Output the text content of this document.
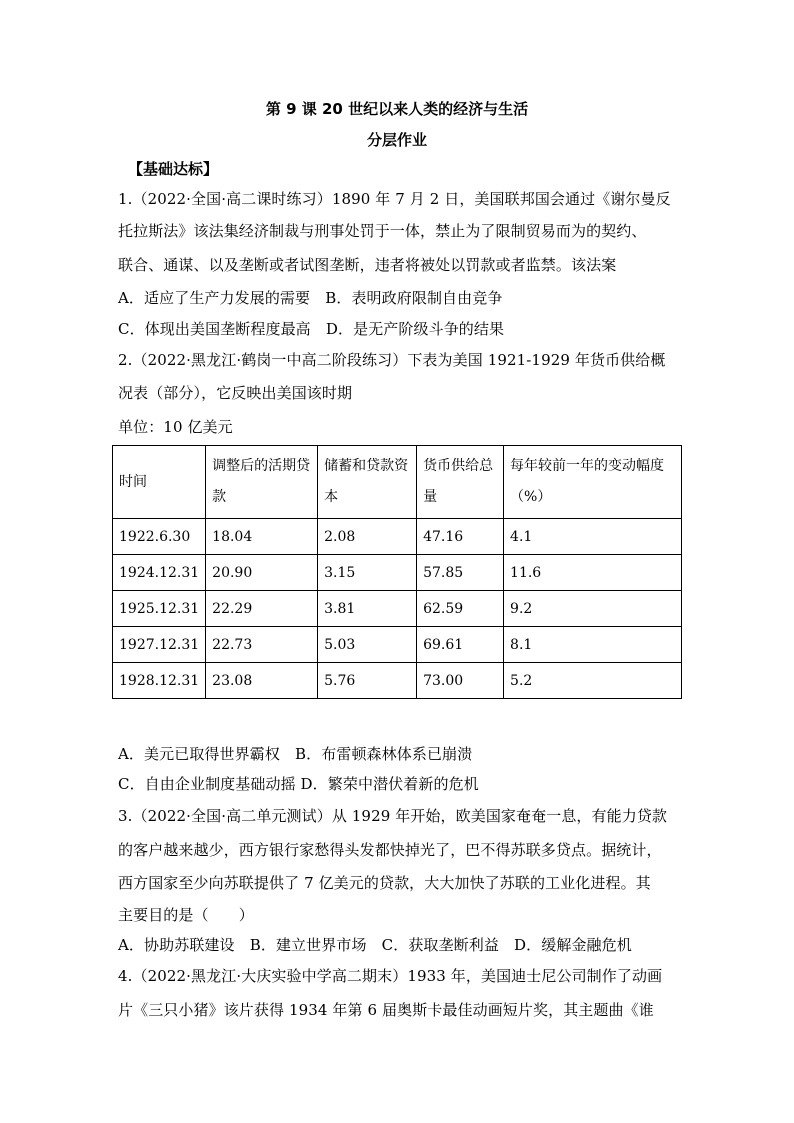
第 9 课 20 世纪以来人类的经济与生活
分层作业
【基础达标】
1.（2022·全国·高二课时练习）1890 年 7 月 2 日，美国联邦国会通过《谢尔曼反
托拉斯法》该法集经济制裁与刑事处罚于一体，禁止为了限制贸易而为的契约、
联合、通谋、以及垄断或者试图垄断，违者将被处以罚款或者监禁。该法案
A．适应了生产力发展的需要　B．表明政府限制自由竞争
C．体现出美国垄断程度最高　D．是无产阶级斗争的结果
2.（2022·黑龙江·鹤岗一中高二阶段练习）下表为美国 1921-1929 年货币供给概
况表（部分），它反映出美国该时期
单位：10 亿美元
时间	调整后的活期贷款	储蓄和贷款资本	货币供给总量	每年较前一年的变动幅度（%）
1922.6.30	18.04	2.08	47.16	4.1
1924.12.31	20.90	3.15	57.85	11.6
1925.12.31	22.29	3.81	62.59	9.2
1927.12.31	22.73	5.03	69.61	8.1
1928.12.31	23.08	5.76	73.00	5.2
A．美元已取得世界霸权　B．布雷顿森林体系已崩溃
C．自由企业制度基础动摇 D．繁荣中潜伏着新的危机
3.（2022·全国·高二单元测试）从 1929 年开始，欧美国家奄奄一息，有能力贷款
的客户越来越少，西方银行家愁得头发都快掉光了，巴不得苏联多贷点。据统计，
西方国家至少向苏联提供了 7 亿美元的贷款，大大加快了苏联的工业化进程。其
主要目的是（　　）
A．协助苏联建设　B．建立世界市场　C．获取垄断利益　D．缓解金融危机
4.（2022·黑龙江·大庆实验中学高二期末）1933 年，美国迪士尼公司制作了动画
片《三只小猪》该片获得 1934 年第 6 届奥斯卡最佳动画短片奖，其主题曲《谁
